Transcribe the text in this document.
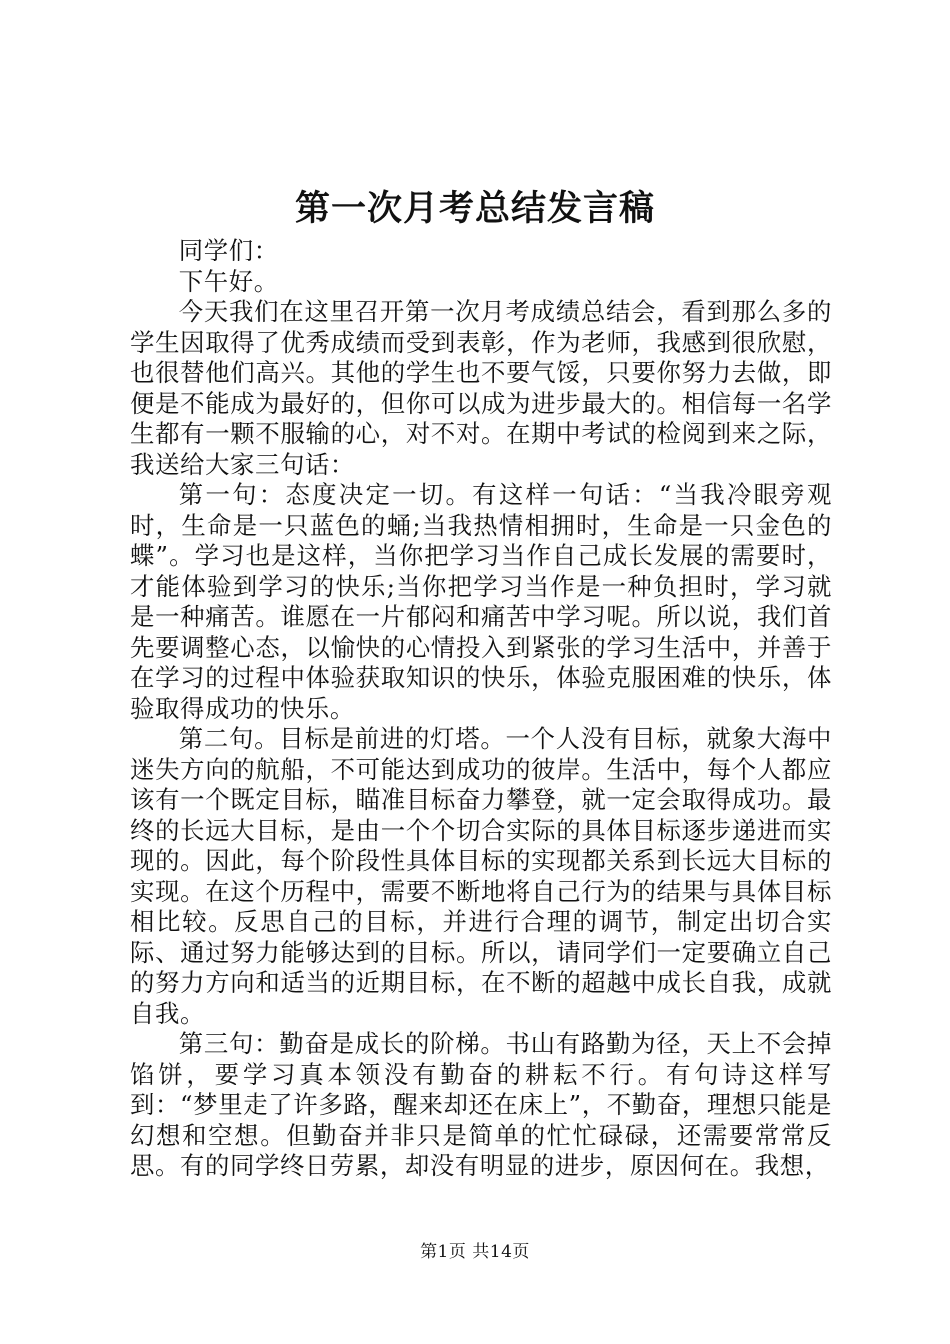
第一次月考总结发言稿

同学们：

下午好。

今天我们在这里召开第一次月考成绩总结会，看到那么多的学生因取得了优秀成绩而受到表彰，作为老师，我感到很欣慰，也很替他们高兴。其他的学生也不要气馁，只要你努力去做，即便是不能成为最好的，但你可以成为进步最大的。相信每一名学生都有一颗不服输的心，对不对。在期中考试的检阅到来之际，我送给大家三句话：

第一句：态度决定一切。有这样一句话：“当我冷眼旁观时，生命是一只蓝色的蛹;当我热情相拥时，生命是一只金色的蝶”。学习也是这样，当你把学习当作自己成长发展的需要时，才能体验到学习的快乐;当你把学习当作是一种负担时，学习就是一种痛苦。谁愿在一片郁闷和痛苦中学习呢。所以说，我们首先要调整心态，以愉快的心情投入到紧张的学习生活中，并善于在学习的过程中体验获取知识的快乐，体验克服困难的快乐，体验取得成功的快乐。

第二句。目标是前进的灯塔。一个人没有目标，就象大海中迷失方向的航船，不可能达到成功的彼岸。生活中，每个人都应该有一个既定目标，瞄准目标奋力攀登，就一定会取得成功。最终的长远大目标，是由一个个切合实际的具体目标逐步递进而实现的。因此，每个阶段性具体目标的实现都关系到长远大目标的实现。在这个历程中，需要不断地将自己行为的结果与具体目标相比较。反思自己的目标，并进行合理的调节，制定出切合实际、通过努力能够达到的目标。所以，请同学们一定要确立自己的努力方向和适当的近期目标，在不断的超越中成长自我，成就自我。

第三句：勤奋是成长的阶梯。书山有路勤为径，天上不会掉馅饼，要学习真本领没有勤奋的耕耘不行。有句诗这样写到：“梦里走了许多路，醒来却还在床上”，不勤奋，理想只能是幻想和空想。但勤奋并非只是简单的忙忙碌碌，还需要常常反思。有的同学终日劳累，却没有明显的进步，原因何在。我想，

第1页 共14页
